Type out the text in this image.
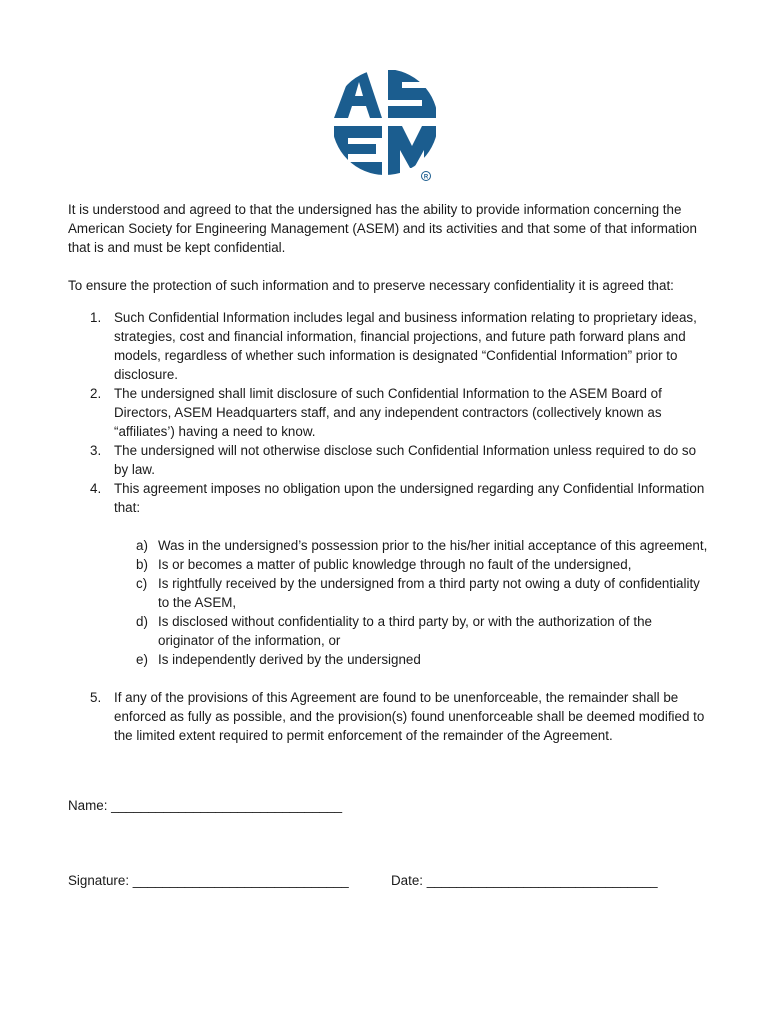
R

It is understood and agreed to that the undersigned has the ability to provide information concerning the American Society for Engineering Management (ASEM) and its activities and that some of that information that is and must be kept confidential.

To ensure the protection of such information and to preserve necessary confidentiality it is agreed that:

1. Such Confidential Information includes legal and business information relating to proprietary ideas, strategies, cost and financial information, financial projections, and future path forward plans and models, regardless of whether such information is designated “Confidential Information” prior to disclosure.
2. The undersigned shall limit disclosure of such Confidential Information to the ASEM Board of Directors, ASEM Headquarters staff, and any independent contractors (collectively known as “affiliates’) having a need to know.
3. The undersigned will not otherwise disclose such Confidential Information unless required to do so by law.
4. This agreement imposes no obligation upon the undersigned regarding any Confidential Information that:
a) Was in the undersigned’s possession prior to the his/her initial acceptance of this agreement,
b) Is or becomes a matter of public knowledge through no fault of the undersigned,
c) Is rightfully received by the undersigned from a third party not owing a duty of confidentiality to the ASEM,
d) Is disclosed without confidentiality to a third party by, or with the authorization of the originator of the information, or
e) Is independently derived by the undersigned
5. If any of the provisions of this Agreement are found to be unenforceable, the remainder shall be enforced as fully as possible, and the provision(s) found unenforceable shall be deemed modified to the limited extent required to permit enforcement of the remainder of the Agreement.
Name: _______________________________
Signature: _____________________________	Date: _______________________________
